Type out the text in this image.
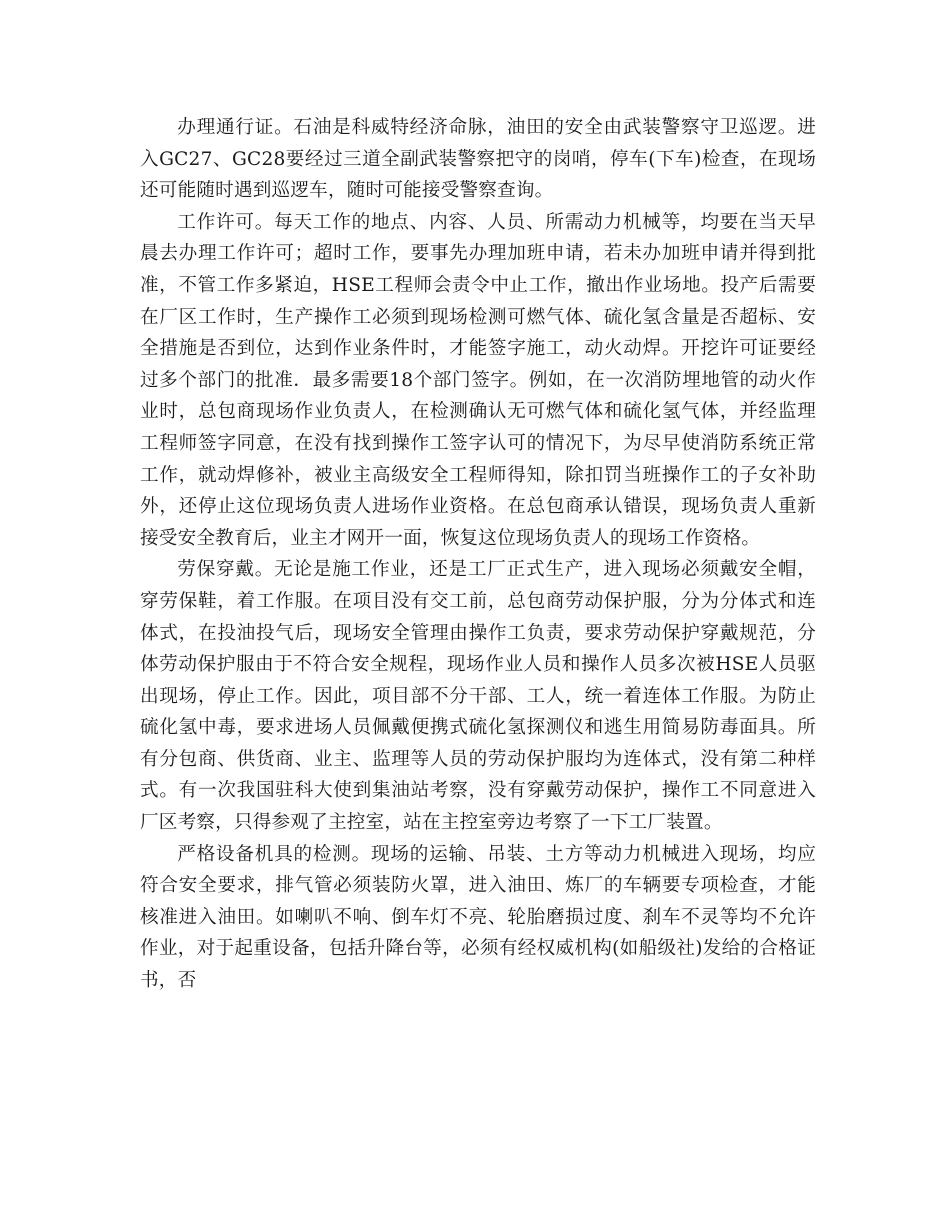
办理通行证。石油是科威特经济命脉，油田的安全由武装警察守卫巡逻。进入GC27、GC28要经过三道全副武装警察把守的岗哨，停车(下车)检查，在现场还可能随时遇到巡逻车，随时可能接受警察查询。

工作许可。每天工作的地点、内容、人员、所需动力机械等，均要在当天早晨去办理工作许可；超时工作，要事先办理加班申请，若未办加班申请并得到批准，不管工作多紧迫，HSE工程师会责令中止工作，撤出作业场地。投产后需要在厂区工作时，生产操作工必须到现场检测可燃气体、硫化氢含量是否超标、安全措施是否到位，达到作业条件时，才能签字施工，动火动焊。开挖许可证要经过多个部门的批准．最多需要18个部门签字。例如，在一次消防埋地管的动火作业时，总包商现场作业负责人，在检测确认无可燃气体和硫化氢气体，并经监理工程师签字同意，在没有找到操作工签字认可的情况下，为尽早使消防系统正常工作，就动焊修补，被业主高级安全工程师得知，除扣罚当班操作工的子女补助外，还停止这位现场负责人进场作业资格。在总包商承认错误，现场负责人重新接受安全教育后，业主才网开一面，恢复这位现场负责人的现场工作资格。

劳保穿戴。无论是施工作业，还是工厂正式生产，进入现场必须戴安全帽，穿劳保鞋，着工作服。在项目没有交工前，总包商劳动保护服，分为分体式和连体式，在投油投气后，现场安全管理由操作工负责，要求劳动保护穿戴规范，分体劳动保护服由于不符合安全规程，现场作业人员和操作人员多次被HSE人员驱出现场，停止工作。因此，项目部不分干部、工人，统一着连体工作服。为防止硫化氢中毒，要求进场人员佩戴便携式硫化氢探测仪和逃生用简易防毒面具。所有分包商、供货商、业主、监理等人员的劳动保护服均为连体式，没有第二种样式。有一次我国驻科大使到集油站考察，没有穿戴劳动保护，操作工不同意进入厂区考察，只得参观了主控室，站在主控室旁边考察了一下工厂装置。

严格设备机具的检测。现场的运输、吊装、土方等动力机械进入现场，均应符合安全要求，排气管必须装防火罩，进入油田、炼厂的车辆要专项检查，才能核准进入油田。如喇叭不响、倒车灯不亮、轮胎磨损过度、刹车不灵等均不允许作业，对于起重设备，包括升降台等，必须有经权威机构(如船级社)发给的合格证书，否
